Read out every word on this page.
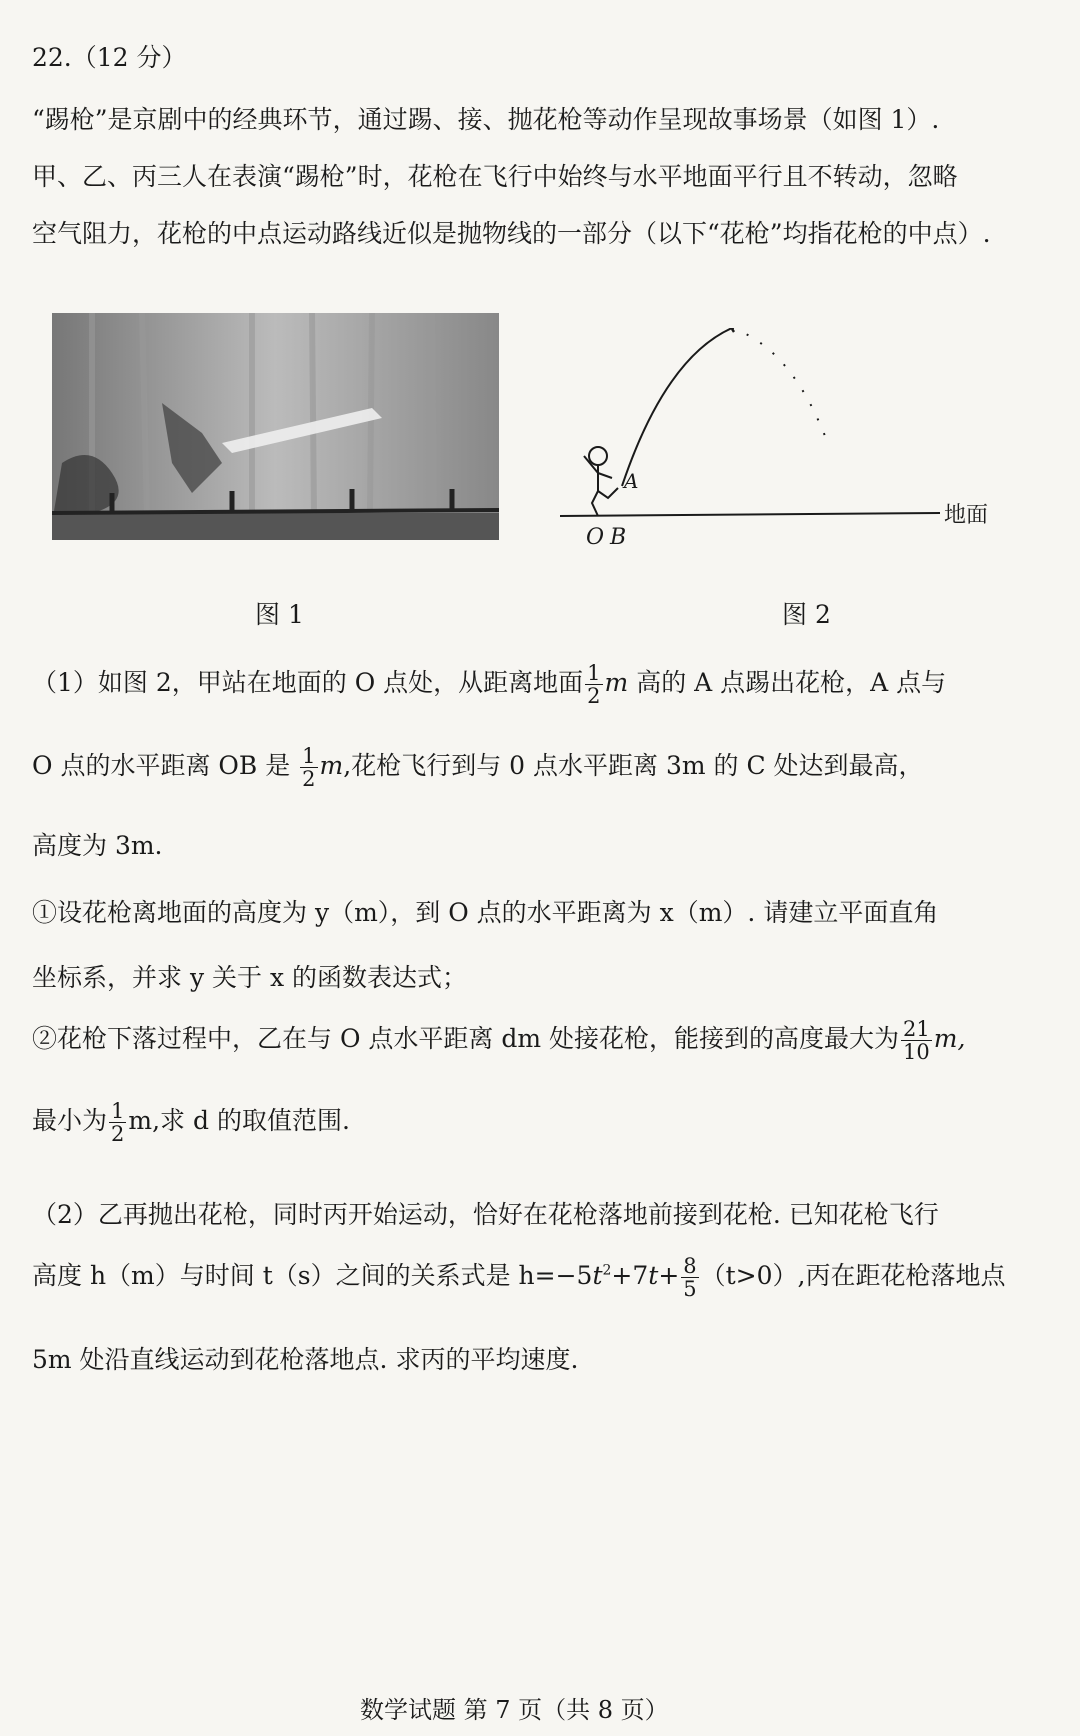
22.（12 分）
“踢枪”是京剧中的经典环节，通过踢、接、抛花枪等动作呈现故事场景（如图 1）.
甲、乙、丙三人在表演“踢枪”时，花枪在飞行中始终与水平地面平行且不转动，忽略
空气阻力，花枪的中点运动路线近似是抛物线的一部分（以下“花枪”均指花枪的中点）.
A
O B
地面
图 1	图 2
（1）如图 2，甲站在地面的 O 点处，从距离地面 $\frac{1}{2}$ m 高的 A 点踢出花枪，A 点与
O 点的水平距离 OB 是 $\frac{1}{2} m$,花枪飞行到与 0 点水平距离 3m 的 C 处达到最高，
高度为 3m.
①设花枪离地面的高度为 y（m），到 O 点的水平距离为 x（m）. 请建立平面直角
坐标系，并求 y 关于 x 的函数表达式；
②花枪下落过程中，乙在与 O 点水平距离 dm 处接花枪，能接到的高度最大为 $\frac{21}{10} m$,
最小为 $\frac{1}{2} m$,求 d 的取值范围.
（2）乙再抛出花枪，同时丙开始运动，恰好在花枪落地前接到花枪. 已知花枪飞行
高度 h（m）与时间 t（s）之间的关系式是 $h=-5t^2+7t+ \frac{8}{5} (t>0)$,丙在距花枪落地点
5m 处沿直线运动到花枪落地点. 求丙的平均速度.
数学试题 第 7 页（共 8 页）
